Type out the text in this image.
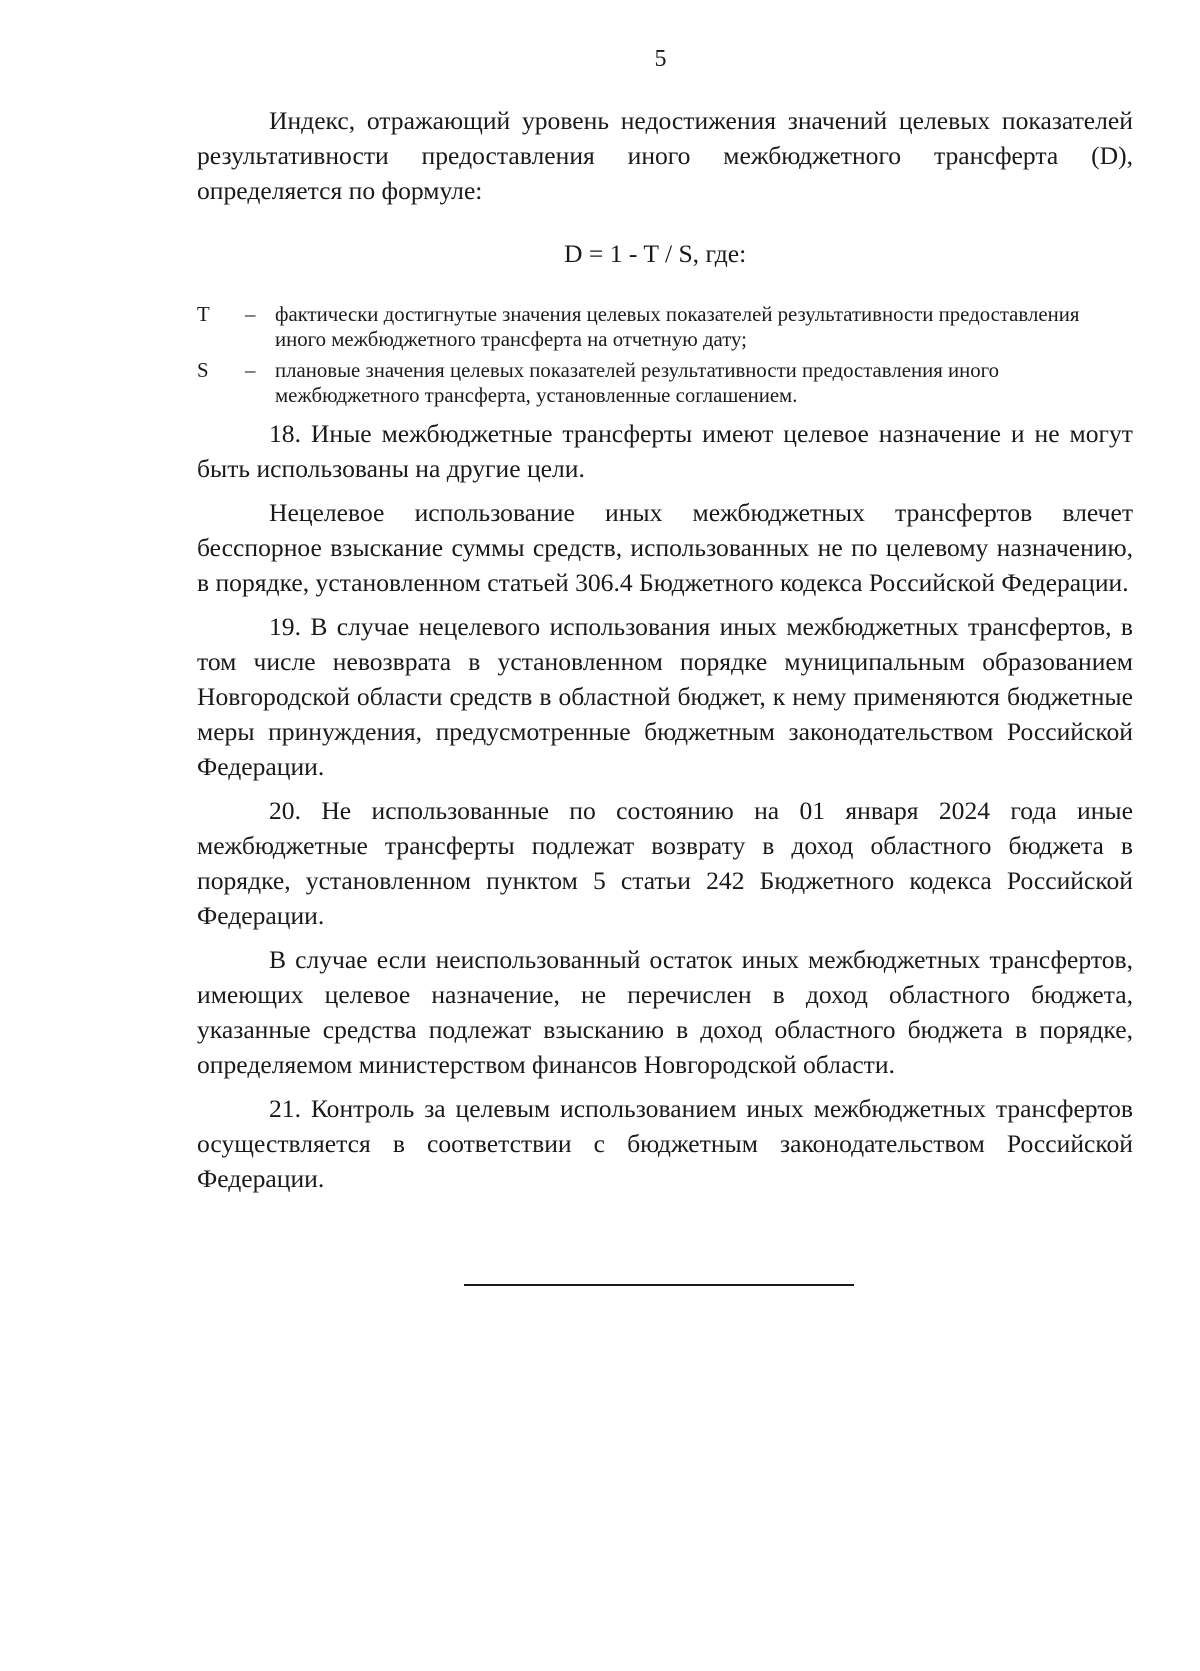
5

Индекс, отражающий уровень недостижения значений целевых показателей результативности предоставления иного межбюджетного трансферта (D), определяется по формуле:

D = 1 - T / S, где:
T	– фактически достигнутые значения целевых показателей результативности предоставления иного межбюджетного трансферта на отчетную дату;
S	– плановые значения целевых показателей результативности предоставления иного межбюджетного трансферта, установленные соглашением.

18. Иные межбюджетные трансферты имеют целевое назначение и не могут быть использованы на другие цели.

Нецелевое использование иных межбюджетных трансфертов влечет бесспорное взыскание суммы средств, использованных не по целевому назначению, в порядке, установленном статьей 306.4 Бюджетного кодекса Российской Федерации.

19. В случае нецелевого использования иных межбюджетных трансфертов, в том числе невозврата в установленном порядке муниципальным образованием Новгородской области средств в областной бюджет, к нему применяются бюджетные меры принуждения, предусмотренные бюджетным законодательством Российской Федерации.

20. Не использованные по состоянию на 01 января 2024 года иные межбюджетные трансферты подлежат возврату в доход областного бюджета в порядке, установленном пунктом 5 статьи 242 Бюджетного кодекса Российской Федерации.

В случае если неиспользованный остаток иных межбюджетных трансфертов, имеющих целевое назначение, не перечислен в доход областного бюджета, указанные средства подлежат взысканию в доход областного бюджета в порядке, определяемом министерством финансов Новгородской области.

21. Контроль за целевым использованием иных межбюджетных трансфертов осуществляется в соответствии с бюджетным законодательством Российской Федерации.
